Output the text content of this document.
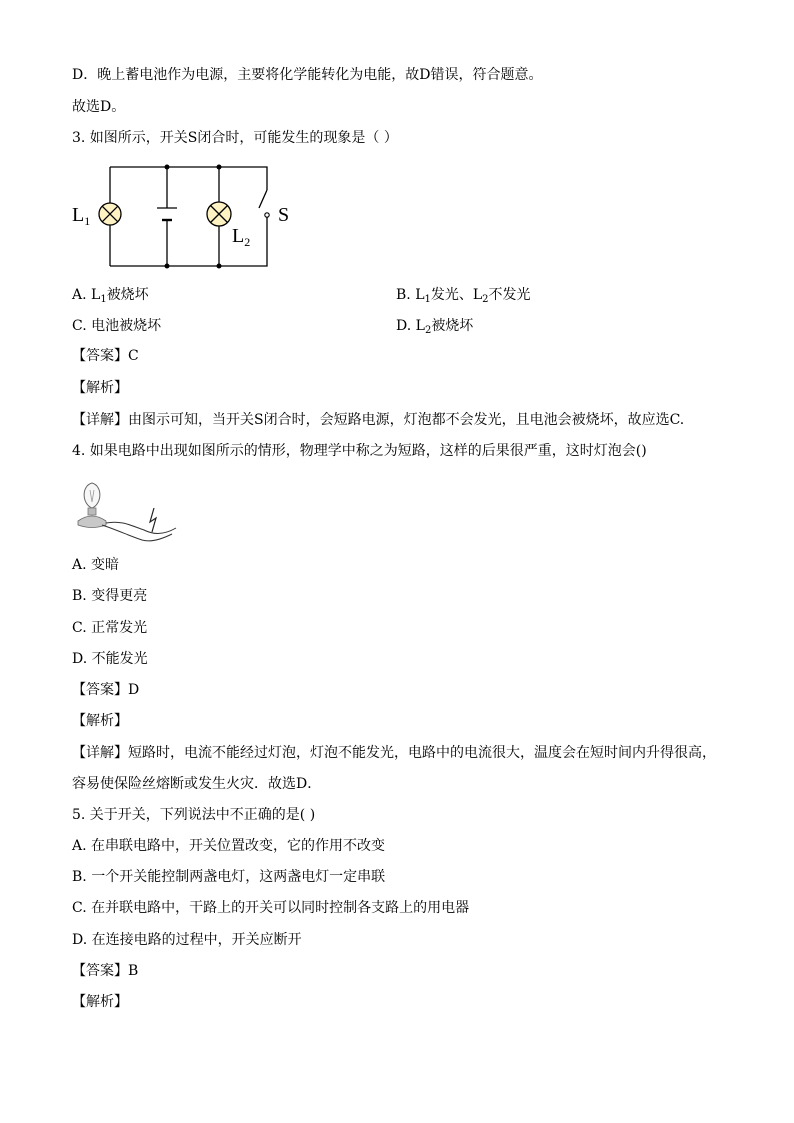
D．晚上蓄电池作为电源，主要将化学能转化为电能，故D错误，符合题意。
故选D。
3. 如图所示，开关S闭合时，可能发生的现象是（ ）
$L_1$
$L_2$
S
A. $L_1$被烧坏	B. $L_1$发光、$L_2$不发光
C. 电池被烧坏	D. $L_2$被烧坏
【答案】C
【解析】
【详解】由图示可知，当开关S闭合时，会短路电源，灯泡都不会发光，且电池会被烧坏，故应选C.
4. 如果电路中出现如图所示的情形，物理学中称之为短路，这样的后果很严重，这时灯泡会()
A. 变暗
B. 变得更亮
C. 正常发光
D. 不能发光
【答案】D
【解析】
【详解】短路时，电流不能经过灯泡，灯泡不能发光，电路中的电流很大，温度会在短时间内升得很高，
容易使保险丝熔断或发生火灾．故选D．
5. 关于开关，下列说法中不正确的是( )
A. 在串联电路中，开关位置改变，它的作用不改变
B. 一个开关能控制两盏电灯，这两盏电灯一定串联
C. 在并联电路中，干路上的开关可以同时控制各支路上的用电器
D. 在连接电路的过程中，开关应断开
【答案】B
【解析】
